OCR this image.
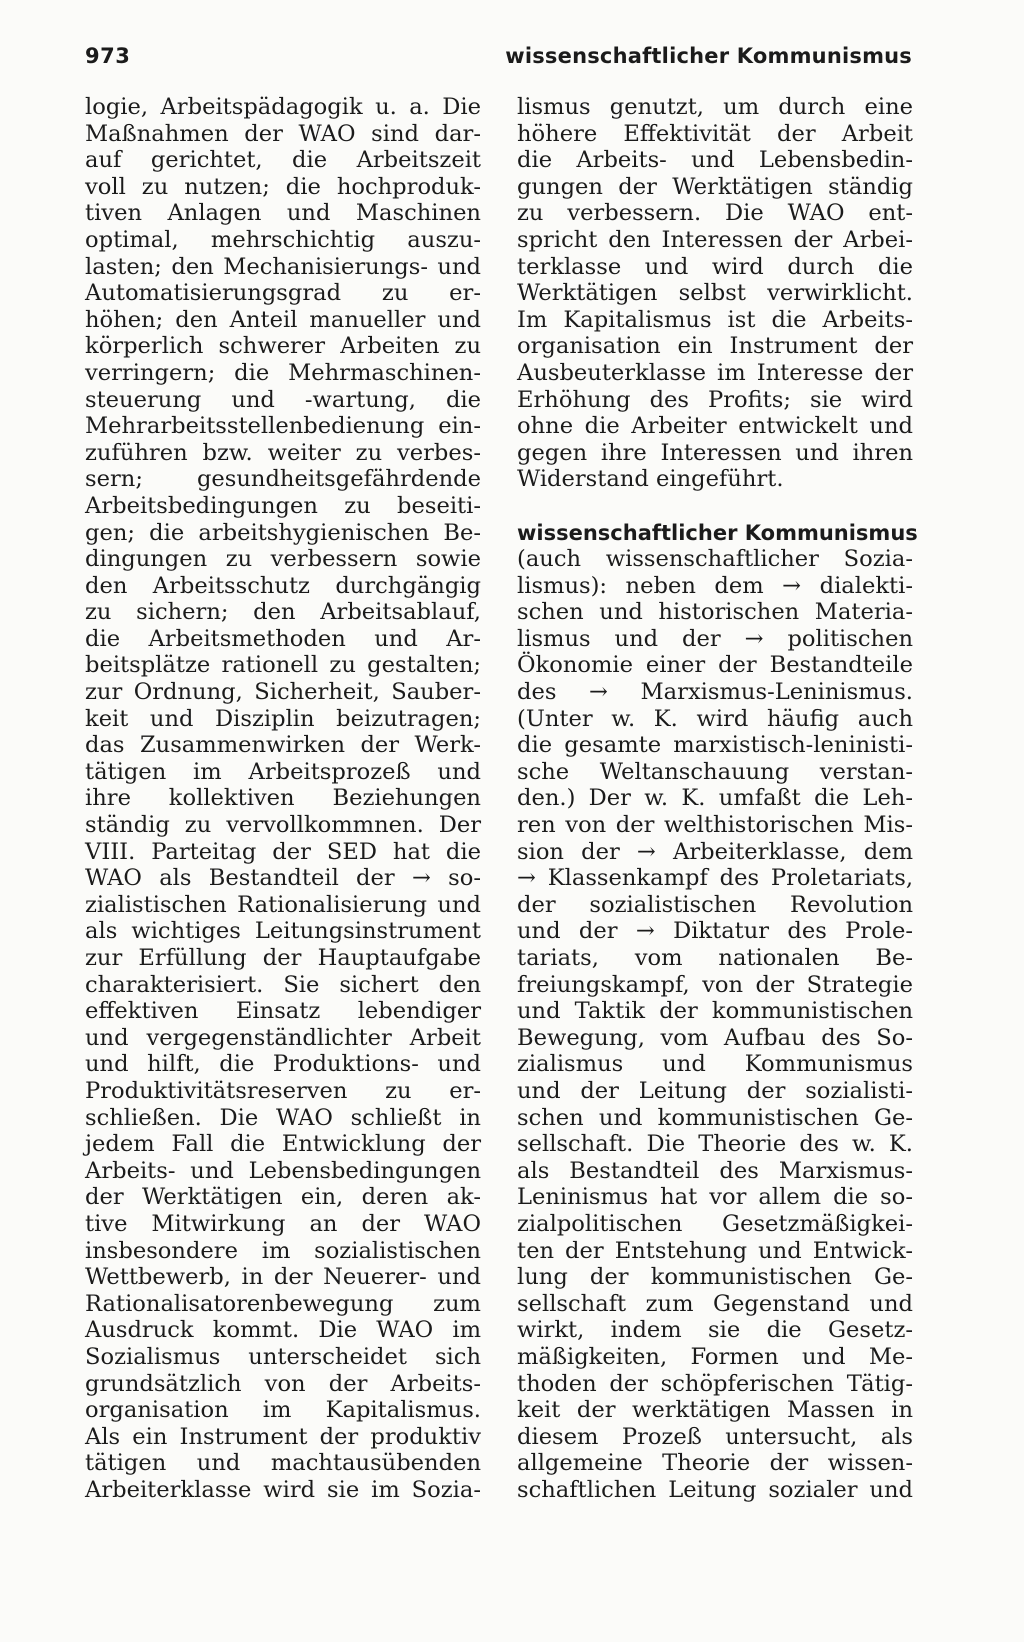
973	wissenschaftlicher Kommunismus
logie, Arbeitspädagogik u. a. Die
Maßnahmen der WAO sind dar-
auf gerichtet, die Arbeitszeit
voll zu nutzen; die hochproduk-
tiven Anlagen und Maschinen
optimal, mehrschichtig auszu-
lasten; den Mechanisierungs- und
Automatisierungsgrad zu er-
höhen; den Anteil manueller und
körperlich schwerer Arbeiten zu
verringern; die Mehrmaschinen-
steuerung und -wartung, die
Mehrarbeitsstellenbedienung ein-
zuführen bzw. weiter zu verbes-
sern; gesundheitsgefährdende
Arbeitsbedingungen zu beseiti-
gen; die arbeitshygienischen Be-
dingungen zu verbessern sowie
den Arbeitsschutz durchgängig
zu sichern; den Arbeitsablauf,
die Arbeitsmethoden und Ar-
beitsplätze rationell zu gestalten;
zur Ordnung, Sicherheit, Sauber-
keit und Disziplin beizutragen;
das Zusammenwirken der Werk-
tätigen im Arbeitsprozeß und
ihre kollektiven Beziehungen
ständig zu vervollkommnen. Der
VIII. Parteitag der SED hat die
WAO als Bestandteil der → so-
zialistischen Rationalisierung und
als wichtiges Leitungsinstrument
zur Erfüllung der Hauptaufgabe
charakterisiert. Sie sichert den
effektiven Einsatz lebendiger
und vergegenständlichter Arbeit
und hilft, die Produktions- und
Produktivitätsreserven zu er-
schließen. Die WAO schließt in
jedem Fall die Entwicklung der
Arbeits- und Lebensbedingungen
der Werktätigen ein, deren ak-
tive Mitwirkung an der WAO
insbesondere im sozialistischen
Wettbewerb, in der Neuerer- und
Rationalisatorenbewegung zum
Ausdruck kommt. Die WAO im
Sozialismus unterscheidet sich
grundsätzlich von der Arbeits-
organisation im Kapitalismus.
Als ein Instrument der produktiv
tätigen und machtausübenden
Arbeiterklasse wird sie im Sozia-
lismus genutzt, um durch eine
höhere Effektivität der Arbeit
die Arbeits- und Lebensbedin-
gungen der Werktätigen ständig
zu verbessern. Die WAO ent-
spricht den Interessen der Arbei-
terklasse und wird durch die
Werktätigen selbst verwirklicht.
Im Kapitalismus ist die Arbeits-
organisation ein Instrument der
Ausbeuterklasse im Interesse der
Erhöhung des Profits; sie wird
ohne die Arbeiter entwickelt und
gegen ihre Interessen und ihren
Widerstand eingeführt.
wissenschaftlicher Kommunismus
(auch wissenschaftlicher Sozia-
lismus): neben dem → dialekti-
schen und historischen Materia-
lismus und der → politischen
Ökonomie einer der Bestandteile
des → Marxismus-Leninismus.
(Unter w. K. wird häufig auch
die gesamte marxistisch-leninisti-
sche Weltanschauung verstan-
den.) Der w. K. umfaßt die Leh-
ren von der welthistorischen Mis-
sion der → Arbeiterklasse, dem
→ Klassenkampf des Proletariats,
der sozialistischen Revolution
und der → Diktatur des Prole-
tariats, vom nationalen Be-
freiungskampf, von der Strategie
und Taktik der kommunistischen
Bewegung, vom Aufbau des So-
zialismus und Kommunismus
und der Leitung der sozialisti-
schen und kommunistischen Ge-
sellschaft. Die Theorie des w. K.
als Bestandteil des Marxismus-
Leninismus hat vor allem die so-
zialpolitischen Gesetzmäßigkei-
ten der Entstehung und Entwick-
lung der kommunistischen Ge-
sellschaft zum Gegenstand und
wirkt, indem sie die Gesetz-
mäßigkeiten, Formen und Me-
thoden der schöpferischen Tätig-
keit der werktätigen Massen in
diesem Prozeß untersucht, als
allgemeine Theorie der wissen-
schaftlichen Leitung sozialer und
